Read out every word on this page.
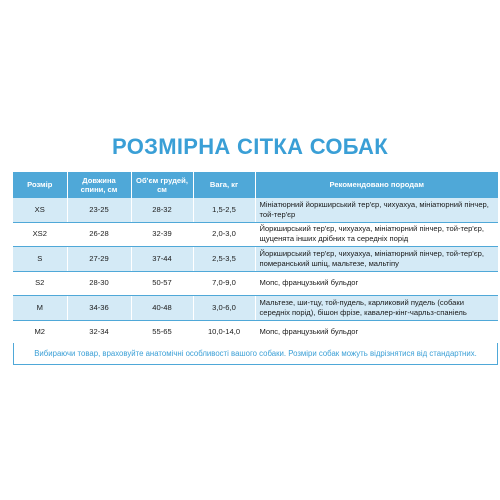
РОЗМІРНА СІТКА СОБАК
Розмір	Довжина спини, см	Об'єм грудей, см	Вага, кг	Рекомендовано породам
XS	23-25	28-32	1,5-2,5	Мініатюрний йоркширський тер'єр, чихуахуа, мініатюрний пінчер, той-тер'єр
XS2	26-28	32-39	2,0-3,0	Йоркширський тер'єр, чихуахуа, мініатюрний пінчер, той-тер'єр, щуценята інших дрібних та середніх порід
S	27-29	37-44	2,5-3,5	Йоркширський тер'єр, чихуахуа, мініатюрний пінчер, той-тер'єр, померанський шпіц, мальтезе, мальтіпу
S2	28-30	50-57	7,0-9,0	Мопс, французький бульдог
M	34-36	40-48	3,0-6,0	Мальтезе, ши-тцу, той-пудель, карликовий пудель (собаки середніх порід), бішон фрізе, кавалер-кінг-чарльз-спаніель
M2	32-34	55-65	10,0-14,0	Мопс, французький бульдог
Вибираючи товар, враховуйте анатомічні особливості вашого собаки. Розміри собак можуть відрізнятися від стандартних.
